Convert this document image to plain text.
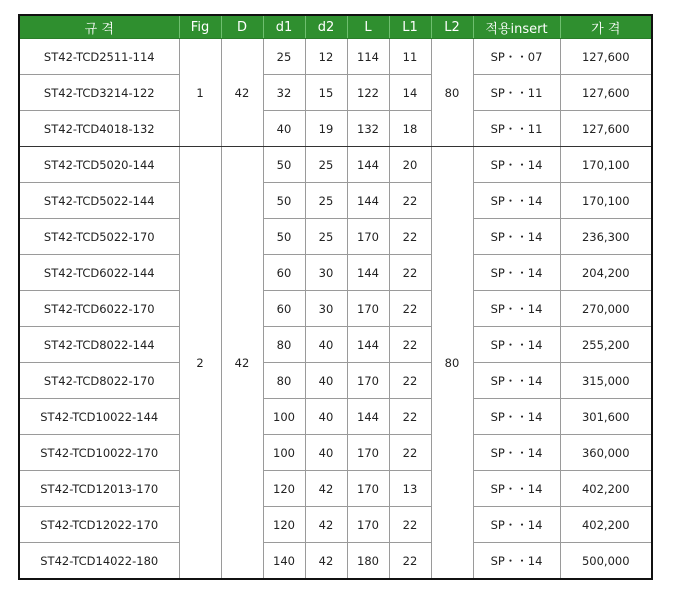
규 격	Fig	D	d1	d2	L	L1	L2	적용insert	가 격
ST42-TCD2511-114	1	42	25	12	114	11	80	SP・・07	127,600
ST42-TCD3214-122			32	15	122	14		SP・・11	127,600
ST42-TCD4018-132			40	19	132	18		SP・・11	127,600
ST42-TCD5020-144	2	42	50	25	144	20	80	SP・・14	170,100
ST42-TCD5022-144			50	25	144	22		SP・・14	170,100
ST42-TCD5022-170			50	25	170	22		SP・・14	236,300
ST42-TCD6022-144			60	30	144	22		SP・・14	204,200
ST42-TCD6022-170			60	30	170	22		SP・・14	270,000
ST42-TCD8022-144			80	40	144	22		SP・・14	255,200
ST42-TCD8022-170			80	40	170	22		SP・・14	315,000
ST42-TCD10022-144			100	40	144	22		SP・・14	301,600
ST42-TCD10022-170			100	40	170	22		SP・・14	360,000
ST42-TCD12013-170			120	42	170	13		SP・・14	402,200
ST42-TCD12022-170			120	42	170	22		SP・・14	402,200
ST42-TCD14022-180			140	42	180	22		SP・・14	500,000
